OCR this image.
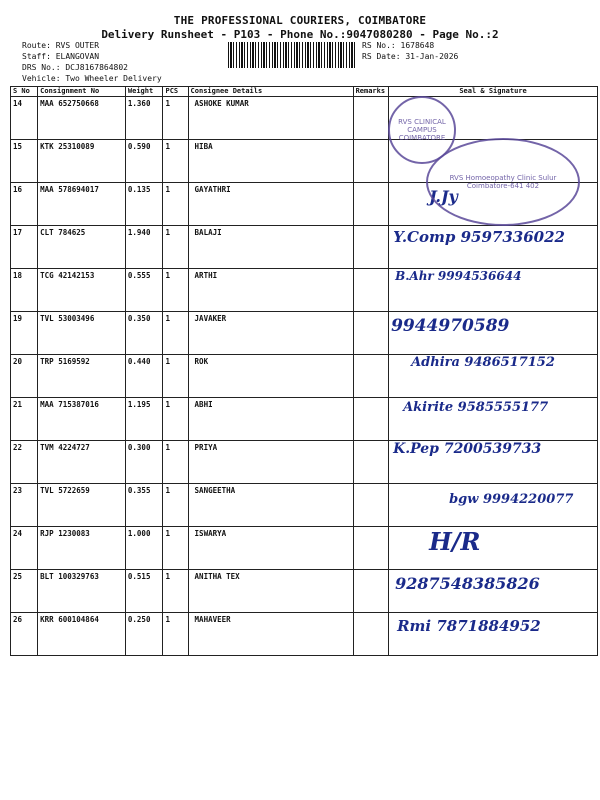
THE PROFESSIONAL COURIERS, COIMBATORE
Delivery Runsheet - P103 - Phone No.:9047080280 - Page No.:2
Route: RVS OUTER
Staff: ELANGOVAN
DRS No.: DCJ8167864802
Vehicle: Two Wheeler Delivery
RS No.: 1678648
RS Date: 31-Jan-2026
S No	Consignment No	Weight	PCS	Consignee Details	Remarks	Seal & Signature
14	MAA 652750668	1.360	1	ASHOKE KUMAR		
15	KTK 25310089	0.590	1	HIBA		
16	MAA 578694017	0.135	1	GAYATHRI		J.Jy

17	CLT 784625	1.940	1	BALAJI		Y.Comp 9597336022

18	TCG 42142153	0.555	1	ARTHI		B.Ahr 9994536644

19	TVL 53003496	0.350	1	JAVAKER		9944970589

20	TRP 5169592	0.440	1	ROK		Adhira 9486517152

21	MAA 715387016	1.195	1	ABHI		Akirite 9585555177

22	TVM 4224727	0.300	1	PRIYA		K.Pep 7200539733

23	TVL 5722659	0.355	1	SANGEETHA		bgw 9994220077

24	RJP 1230083	1.000	1	ISWARYA		H/R

25	BLT 100329763	0.515	1	ANITHA TEX		9287548385826

26	KRR 600104864	0.250	1	MAHAVEER		Rmi 7871884952
RVS CLINICAL CAMPUS COIMBATORE
RVS Homoeopathy Clinic Sulur Coimbatore-641 402
